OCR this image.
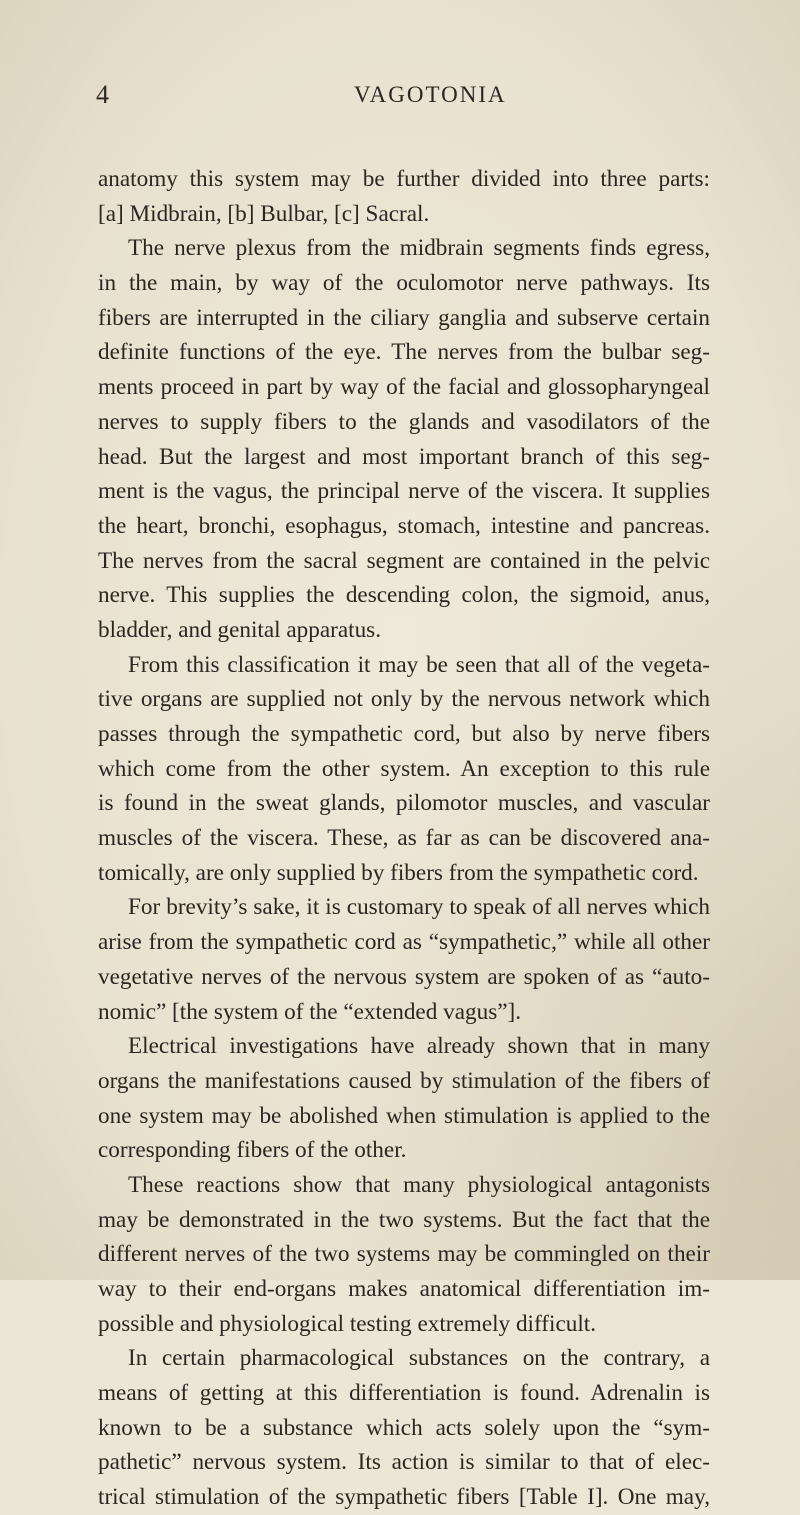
4	VAGOTONIA
anatomy this system may be further divided into three parts:
[a] Midbrain, [b] Bulbar, [c] Sacral.
The nerve plexus from the midbrain segments finds egress,
in the main, by way of the oculomotor nerve pathways. Its
fibers are interrupted in the ciliary ganglia and subserve certain
definite functions of the eye. The nerves from the bulbar seg-
ments proceed in part by way of the facial and glossopharyngeal
nerves to supply fibers to the glands and vasodilators of the
head. But the largest and most important branch of this seg-
ment is the vagus, the principal nerve of the viscera. It supplies
the heart, bronchi, esophagus, stomach, intestine and pancreas.
The nerves from the sacral segment are contained in the pelvic
nerve. This supplies the descending colon, the sigmoid, anus,
bladder, and genital apparatus.
From this classification it may be seen that all of the vegeta-
tive organs are supplied not only by the nervous network which
passes through the sympathetic cord, but also by nerve fibers
which come from the other system. An exception to this rule
is found in the sweat glands, pilomotor muscles, and vascular
muscles of the viscera. These, as far as can be discovered ana-
tomically, are only supplied by fibers from the sympathetic cord.
For brevity’s sake, it is customary to speak of all nerves which
arise from the sympathetic cord as “sympathetic,” while all other
vegetative nerves of the nervous system are spoken of as “auto-
nomic” [the system of the “extended vagus”].
Electrical investigations have already shown that in many
organs the manifestations caused by stimulation of the fibers of
one system may be abolished when stimulation is applied to the
corresponding fibers of the other.
These reactions show that many physiological antagonists
may be demonstrated in the two systems. But the fact that the
different nerves of the two systems may be commingled on their
way to their end-organs makes anatomical differentiation im-
possible and physiological testing extremely difficult.
In certain pharmacological substances on the contrary, a
means of getting at this differentiation is found. Adrenalin is
known to be a substance which acts solely upon the “sym-
pathetic” nervous system. Its action is similar to that of elec-
trical stimulation of the sympathetic fibers [Table I]. One may,
